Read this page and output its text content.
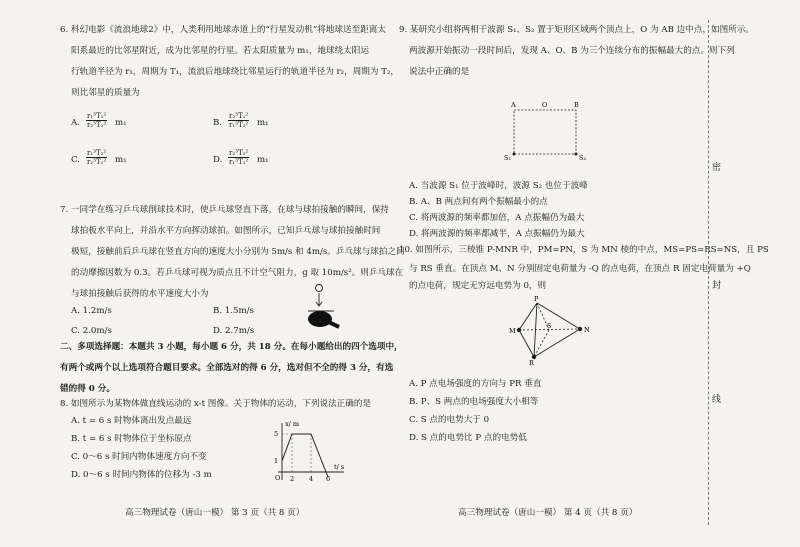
6. 科幻电影《流浪地球2》中，人类利用地球赤道上的“行星发动机”将地球送至距离太
阳系最近的比邻星附近，成为比邻星的行星。若太阳质量为 m₁，地球绕太阳运
行轨道半径为 r₁，周期为 T₁，流浪后地球绕比邻星运行的轨道半径为 r₂，周期为 T₂，
则比邻星的质量为
A. $\frac{\text{r₁³T₁²}}{\text{r₂³T₂²}} m_1$	B. $\frac{\text{r₂³T₁²}}{\text{r₁³T₂²}} m_1$
C. $\frac{\text{r₁³T₂²}}{\text{r₂³T₁²}} m_1$	D. $\frac{\text{r₂³T₂²}}{\text{r₁³T₁²}} m_1$
7. 一同学在练习乒乓球削球技术时，使乒乓球竖直下落，在球与球拍接触的瞬间，保持
球拍板水平向上，并沿水平方向挥动球拍。如图所示，已知乒乓球与球拍接触时间
极短，接触前后乒乓球在竖直方向的速度大小分别为 5m/s 和 4m/s。乒乓球与球拍之间
的动摩擦因数为 0.3。若乒乓球可视为质点且不计空气阻力，g 取 10m/s²。则乒乓球在
与球拍接触后获得的水平速度大小为
A. 1.2m/s	B. 1.5m/s
C. 2.0m/s	D. 2.7m/s
二、多项选择题：本题共 3 小题，每小题 6 分，共 18 分。在每小题给出的四个选项中，
有两个或两个以上选项符合题目要求。全部选对的得 6 分，选对但不全的得 3 分，有选
错的得 0 分。
8. 如图所示为某物体做直线运动的 x-t 图像。关于物体的运动，下列说法正确的是
A. t = 6 s 时物体离出发点最远
B. t = 6 s 时物体位于坐标原点
C. 0～6 s 时间内物体速度方向不变
D. 0～6 s 时间内物体的位移为 -3 m
x/ m
t/ s
5
1
O 2 4 6
高三物理试卷（唐山一模） 第 3 页（共 8 页）
9. 某研究小组将两相干波源 S₁、S₂ 置于矩形区域两个顶点上，O 为 AB 边中点，如图所示。
两波源开始振动一段时间后，发现 A、O、B 为三个连续分布的振幅最大的点。则下列
说法中正确的是
A	O	B
S₁	S₂
A. 当波源 S₁ 位于波峰时，波源 S₂ 也位于波峰
B. A、B 两点间有两个振幅最小的点
C. 将两波源的频率都加倍，A 点振幅仍为最大
D. 将两波源的频率都减半，A 点振幅仍为最大
10. 如图所示，三棱锥 P-MNR 中，PM=PN，S 为 MN 棱的中点，MS=PS=RS=NS，且 PS
与 RS 垂直。在顶点 M、N 分别固定电荷量为 -Q 的点电荷，在顶点 R 固定电荷量为 +Q
的点电荷，规定无穷远电势为 0，则
P
M	N
S
R
A. P 点电场强度的方向与 PR 垂直
B. P、S 两点的电场强度大小相等
C. S 点的电势大于 0
D. S 点的电势比 P 点的电势低
高三物理试卷（唐山一模） 第 4 页（共 8 页）
密
封
线
